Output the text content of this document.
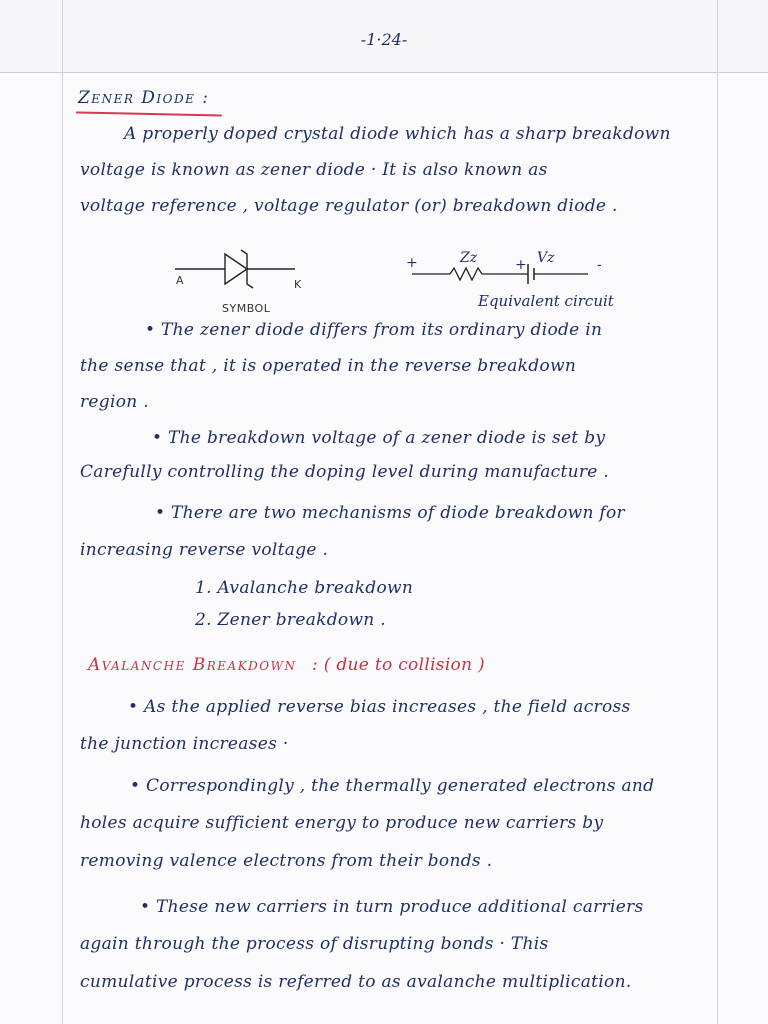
-1·24-
Zener Diode :
A properly doped crystal diode which has a sharp breakdown
voltage is known as zener diode · It is also known as
voltage reference , voltage regulator (or) breakdown diode .
A	K
SYMBOL
+	Zz	+ Vz	-
Equivalent circuit
• The zener diode differs from its ordinary diode in
the sense that , it is operated in the reverse breakdown
region .
• The breakdown voltage of a zener diode is set by
Carefully controlling the doping level during manufacture .
• There are two mechanisms of diode breakdown for
increasing reverse voltage .
1. Avalanche breakdown
2. Zener breakdown .
Avalanche Breakdown : ( due to collision )
• As the applied reverse bias increases , the field across
the junction increases ·
• Correspondingly , the thermally generated electrons and
holes acquire sufficient energy to produce new carriers by
removing valence electrons from their bonds .
• These new carriers in turn produce additional carriers
again through the process of disrupting bonds · This
cumulative process is referred to as avalanche multiplication.
